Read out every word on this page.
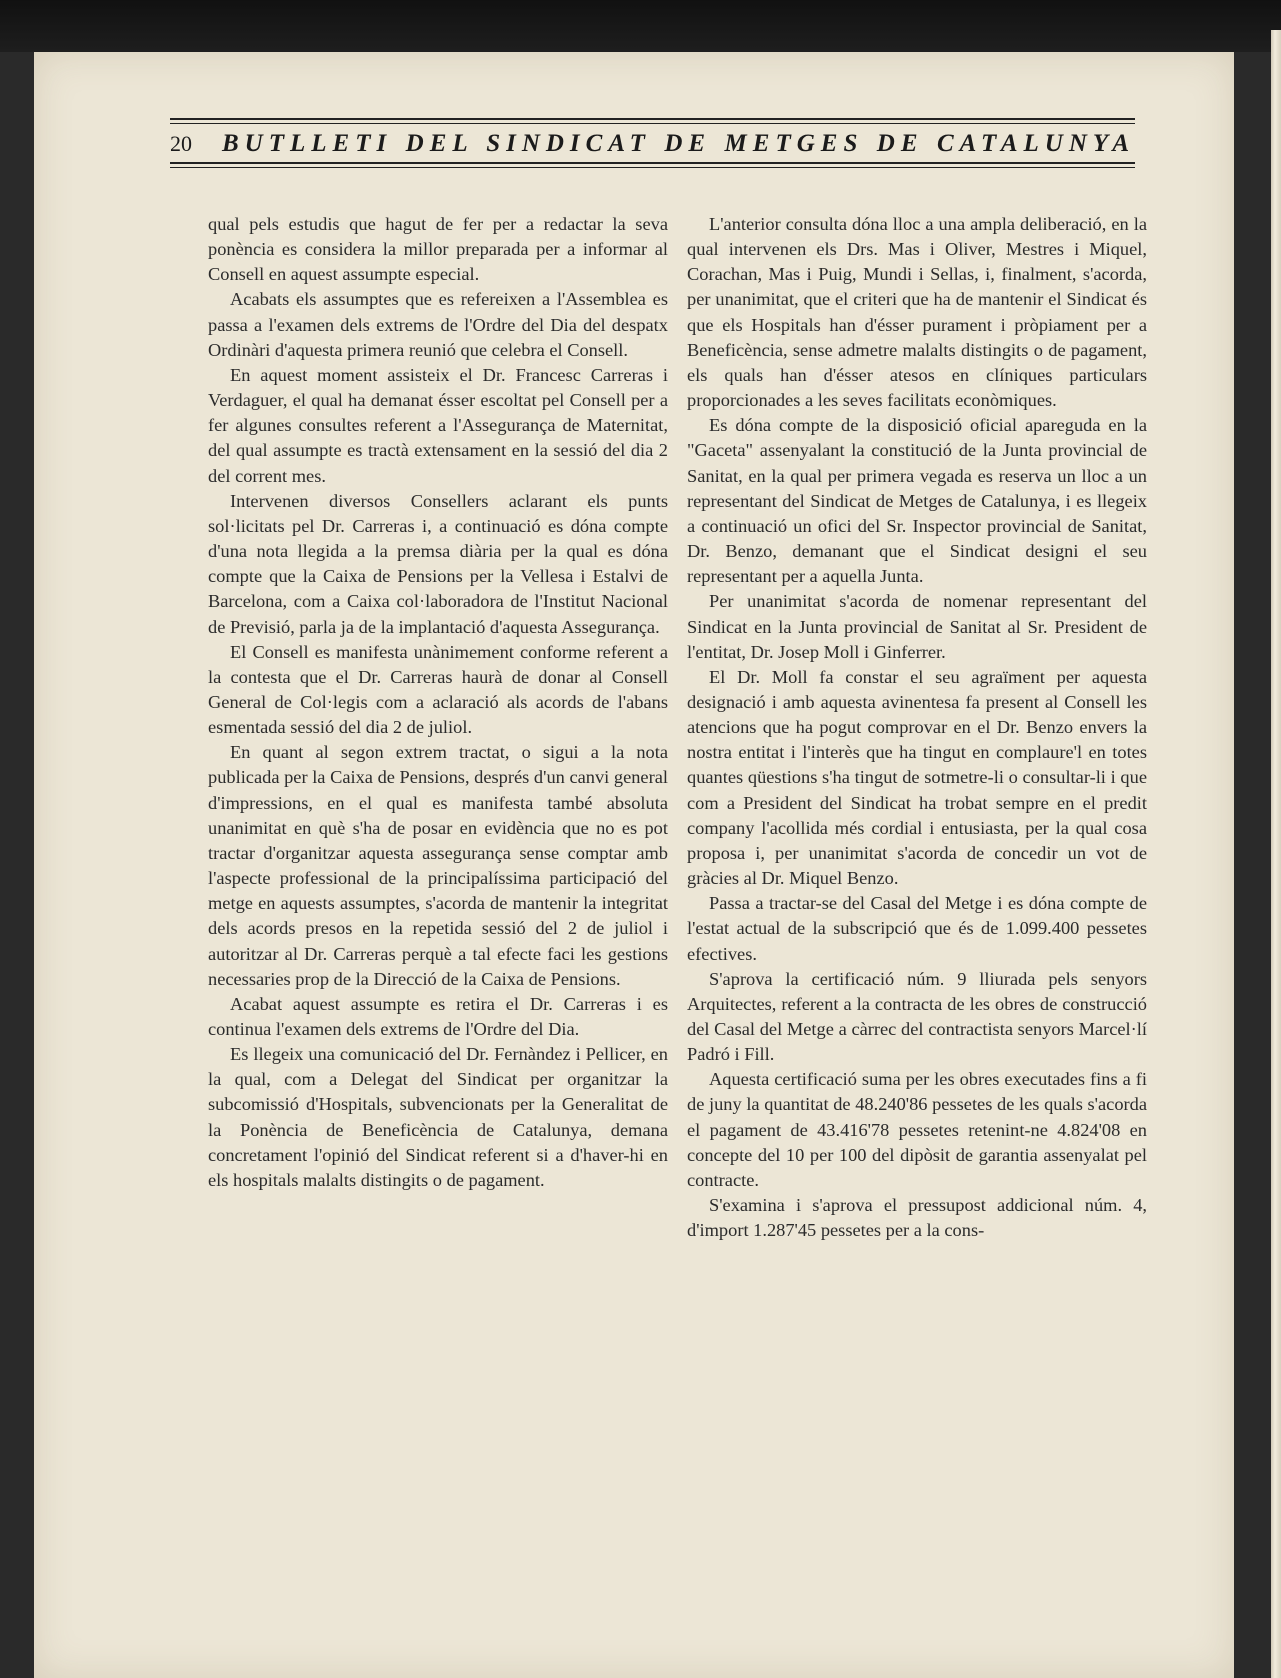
20 BUTLLETI DEL SINDICAT DE METGES DE CATALUNYA

qual pels estudis que hagut de fer per a redactar la seva ponència es considera la millor preparada per a informar al Consell en aquest assumpte especial.

Acabats els assumptes que es refereixen a l'Assemblea es passa a l'examen dels extrems de l'Ordre del Dia del despatx Ordinàri d'aquesta primera reunió que celebra el Consell.

En aquest moment assisteix el Dr. Francesc Carreras i Verdaguer, el qual ha demanat ésser escoltat pel Consell per a fer algunes consultes referent a l'Assegurança de Maternitat, del qual assumpte es tractà extensament en la sessió del dia 2 del corrent mes.

Intervenen diversos Consellers aclarant els punts sol·licitats pel Dr. Carreras i, a continuació es dóna compte d'una nota llegida a la premsa diària per la qual es dóna compte que la Caixa de Pensions per la Vellesa i Estalvi de Barcelona, com a Caixa col·laboradora de l'Institut Nacional de Previsió, parla ja de la implantació d'aquesta Assegurança.

El Consell es manifesta unànimement conforme referent a la contesta que el Dr. Carreras haurà de donar al Consell General de Col·legis com a aclaració als acords de l'abans esmentada sessió del dia 2 de juliol.

En quant al segon extrem tractat, o sigui a la nota publicada per la Caixa de Pensions, després d'un canvi general d'impressions, en el qual es manifesta també absoluta unanimitat en què s'ha de posar en evidència que no es pot tractar d'organitzar aquesta assegurança sense comptar amb l'aspecte professional de la principalíssima participació del metge en aquests assumptes, s'acorda de mantenir la integritat dels acords presos en la repetida sessió del 2 de juliol i autoritzar al Dr. Carreras perquè a tal efecte faci les gestions necessaries prop de la Direcció de la Caixa de Pensions.

Acabat aquest assumpte es retira el Dr. Carreras i es continua l'examen dels extrems de l'Ordre del Dia.

Es llegeix una comunicació del Dr. Fernàndez i Pellicer, en la qual, com a Delegat del Sindicat per organitzar la subcomissió d'Hospitals, subvencionats per la Generalitat de la Ponència de Beneficència de Catalunya, demana concretament l'opinió del Sindicat referent si a d'haver-hi en els hospitals malalts distingits o de pagament.

L'anterior consulta dóna lloc a una ampla deliberació, en la qual intervenen els Drs. Mas i Oliver, Mestres i Miquel, Corachan, Mas i Puig, Mundi i Sellas, i, finalment, s'acorda, per unanimitat, que el criteri que ha de mantenir el Sindicat és que els Hospitals han d'ésser purament i pròpiament per a Beneficència, sense admetre malalts distingits o de pagament, els quals han d'ésser atesos en clíniques particulars proporcionades a les seves facilitats econòmiques.

Es dóna compte de la disposició oficial apareguda en la "Gaceta" assenyalant la constitució de la Junta provincial de Sanitat, en la qual per primera vegada es reserva un lloc a un representant del Sindicat de Metges de Catalunya, i es llegeix a continuació un ofici del Sr. Inspector provincial de Sanitat, Dr. Benzo, demanant que el Sindicat designi el seu representant per a aquella Junta.

Per unanimitat s'acorda de nomenar representant del Sindicat en la Junta provincial de Sanitat al Sr. President de l'entitat, Dr. Josep Moll i Ginferrer.

El Dr. Moll fa constar el seu agraïment per aquesta designació i amb aquesta avinentesa fa present al Consell les atencions que ha pogut comprovar en el Dr. Benzo envers la nostra entitat i l'interès que ha tingut en complaure'l en totes quantes qüestions s'ha tingut de sotmetre-li o consultar-li i que com a President del Sindicat ha trobat sempre en el predit company l'acollida més cordial i entusiasta, per la qual cosa proposa i, per unanimitat s'acorda de concedir un vot de gràcies al Dr. Miquel Benzo.

Passa a tractar-se del Casal del Metge i es dóna compte de l'estat actual de la subscripció que és de 1.099.400 pessetes efectives.

S'aprova la certificació núm. 9 lliurada pels senyors Arquitectes, referent a la contracta de les obres de construcció del Casal del Metge a càrrec del contractista senyors Marcel·lí Padró i Fill.

Aquesta certificació suma per les obres executades fins a fi de juny la quantitat de 48.240'86 pessetes de les quals s'acorda el pagament de 43.416'78 pessetes retenint-ne 4.824'08 en concepte del 10 per 100 del dipòsit de garantia assenyalat pel contracte.

S'examina i s'aprova el pressupost addicional núm. 4, d'import 1.287'45 pessetes per a la cons-
